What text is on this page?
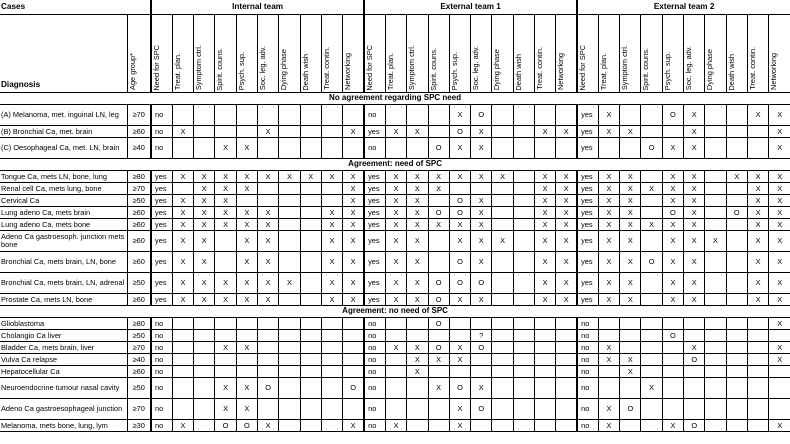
Cases		Internal team										External team 1										External team 2									
Diagnosis	Age group*	Need for SPC	Treat. plan.	Symptom ctrl.	Spirit. couns.	Psych. sup.	Soc. leg. adv.	Dying phase	Death wish	Treat. contin.	Networking	Need for SPC	Treat. plan.	Symptom ctrl.	Spirit. couns.	Psych. sup.	Soc. leg. adv.	Dying phase	Death wish	Treat. contin.	Networking	Need for SPC	Treat. plan.	Symptom ctrl.	Spirit. couns.	Psych. sup.	Soc. leg. adv.	Dying phase	Death wish	Treat. contin.	Networking
No agreement regarding SPC need																															
(A) Melanoma, met. inguinal LN, leg	≥70	no										no				X	O					yes	X			O	X			X	X
(B) Bronchial Ca, met. brain	≥60	no	X				X				X	yes	X	X		O	X			X	X	yes	X	X			X				X
(C) Oesophageal Ca, met. LN, brain	≥40	no			X	X						no			O	X	X					yes			O	X	X				X
Agreement: need of SPC																															
Tongue Ca, mets LN, bone, lung	≥80	yes	X	X	X	X	X	X	X	X	X	yes	X	X	X	X	X	X		X	X	yes	X	X		X	X		X	X	X
Renal cell Ca, mets lung, bone	≥70	yes		X	X	X					X	yes	X	X	X					X	X	yes	X	X	X	X	X			X	X
Cervical Ca	≥50	yes	X	X	X						X	yes	X	X		O	X			X	X	yes	X	X		X	X			X	X
Lung adeno Ca, mets brain	≥60	yes	X	X	X	X	X			X	X	yes	X	X	O	O	X			X	X	yes	X	X		O	X		O	X	X
Lung adeno Ca, mets bone	≥60	yes	X	X	X	X	X			X	X	yes	X	X	X	X	X			X	X	yes	X	X	X	X	X			X	X
Adeno Ca gastroesoph. junction mets bone	≥60	yes	X	X		X	X			X	X	yes	X	X		X	X	X		X	X	yes	X	X		X	X	X		X	X
Bronchial Ca, mets brain, LN, bone	≥60	yes	X	X		X	X			X	X	yes	X	X		O	X			X	X	yes	X	X	O	X	X			X	X
Bronchial Ca, mets brain, LN, adrenal	≥50	yes	X	X	X	X	X	X		X	X	yes	X	X	O	O	O			X	X	yes	X	X		X	X			X	X
Prostate Ca, mets LN, bone	≥60	yes	X	X	X	X	X			X	X	yes	X	X	O	X	X			X	X	yes	X	X		X	X			X	X
Agreement: no need of SPC																															
Glioblastoma	≥80	no										no			O							no									X
Cholangio Ca liver	≥50	no										no					?					no				O					
Bladder Ca, mets brain, liver	≥70	no			X	X						no	X	X	O	X	O					no	X				X				X
Vulva Ca relapse	≥40	no										no		X	X	X						no	X	X			O				X
Hepatocellular Ca	≥60	no										no		X								no		X							
Neuroendocrine tumour nasal cavity	≥50	no			X	X	O				O	no			X	O	X					no			X						
Adeno Ca gastroesophageal junction	≥70	no			X	X						no				X	O					no	X	O							
Melanoma, mets bone, lung, lym	≥30	no	X		O	O	X				X	no	X			X						no	X			X	O				X
